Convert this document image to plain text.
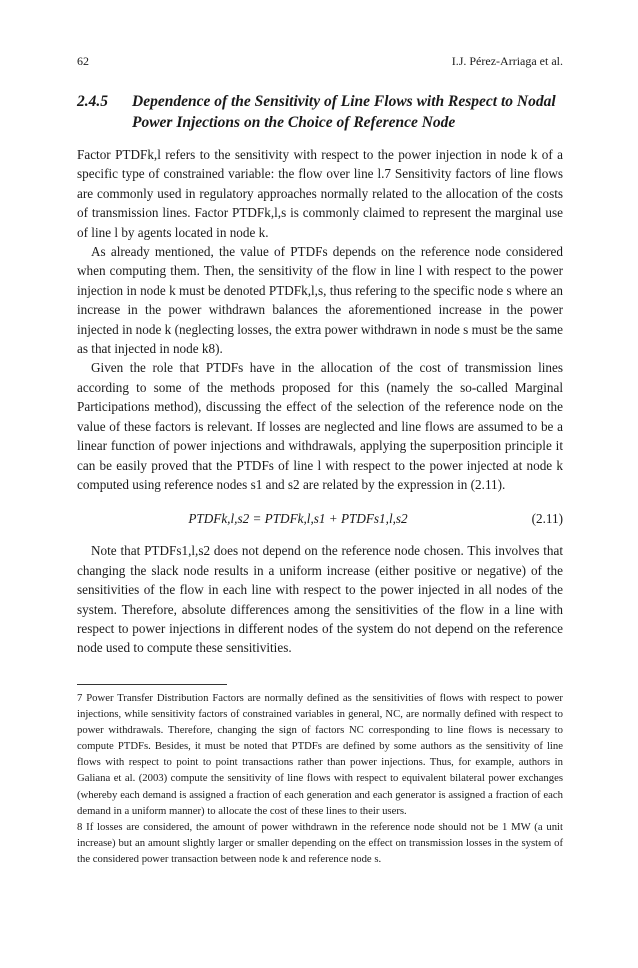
62	I.J. Pérez-Arriaga et al.
2.4.5	Dependence of the Sensitivity of Line Flows with Respect to Nodal Power Injections on the Choice of Reference Node

Factor PTDFk,l refers to the sensitivity with respect to the power injection in node k of a specific type of constrained variable: the flow over line l.7 Sensitivity factors of line flows are commonly used in regulatory approaches normally related to the allocation of the costs of transmission lines. Factor PTDFk,l,s is commonly claimed to represent the marginal use of line l by agents located in node k.

As already mentioned, the value of PTDFs depends on the reference node considered when computing them. Then, the sensitivity of the flow in line l with respect to the power injection in node k must be denoted PTDFk,l,s, thus refering to the specific node s where an increase in the power withdrawn balances the aforementioned increase in the power injected in node k (neglecting losses, the extra power withdrawn in node s must be the same as that injected in node k8).

Given the role that PTDFs have in the allocation of the cost of transmission lines according to some of the methods proposed for this (namely the so-called Marginal Participations method), discussing the effect of the selection of the reference node on the value of these factors is relevant. If losses are neglected and line flows are assumed to be a linear function of power injections and withdrawals, applying the superposition principle it can be easily proved that the PTDFs of line l with respect to the power injected at node k computed using reference nodes s1 and s2 are related by the expression in (2.11).

PTDFk,l,s2 = PTDFk,l,s1 + PTDFs1,l,s2	(2.11)

Note that PTDFs1,l,s2 does not depend on the reference node chosen. This involves that changing the slack node results in a uniform increase (either positive or negative) of the sensitivities of the flow in each line with respect to the power injected in all nodes of the system. Therefore, absolute differences among the sensitivities of the flow in a line with respect to power injections in different nodes of the system do not depend on the reference node used to compute these sensitivities.

7 Power Transfer Distribution Factors are normally defined as the sensitivities of flows with respect to power injections, while sensitivity factors of constrained variables in general, NC, are normally defined with respect to power withdrawals. Therefore, changing the sign of factors NC corresponding to line flows is necessary to compute PTDFs. Besides, it must be noted that PTDFs are defined by some authors as the sensitivity of line flows with respect to point to point transactions rather than power injections. Thus, for example, authors in Galiana et al. (2003) compute the sensitivity of line flows with respect to equivalent bilateral power exchanges (whereby each demand is assigned a fraction of each generation and each generator is assigned a fraction of each demand in a uniform manner) to allocate the cost of these lines to their users.

8 If losses are considered, the amount of power withdrawn in the reference node should not be 1 MW (a unit increase) but an amount slightly larger or smaller depending on the effect on transmission losses in the system of the considered power transaction between node k and reference node s.
